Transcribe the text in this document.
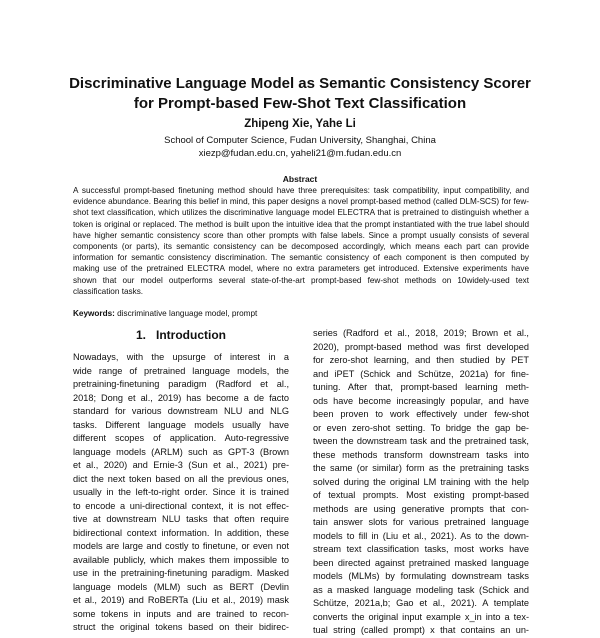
Discriminative Language Model as Semantic Consistency Scorer
for Prompt-based Few-Shot Text Classification
Zhipeng Xie, Yahe Li
School of Computer Science, Fudan University, Shanghai, China
xiezp@fudan.edu.cn, yaheli21@m.fudan.edu.cn
Abstract
A successful prompt-based finetuning method should have three prerequisites: task compatibility, input compatibility, and evidence abundance. Bearing this belief in mind, this paper designs a novel prompt-based method (called DLM-SCS) for few-shot text classification, which utilizes the discriminative language model ELECTRA that is pretrained to distinguish whether a token is original or replaced. The method is built upon the intuitive idea that the prompt instantiated with the true label should have higher semantic consistency score than other prompts with false labels. Since a prompt usually consists of several components (or parts), its semantic consistency can be decomposed accordingly, which means each part can provide information for semantic consistency discrimination. The semantic consistency of each component is then computed by making use of the pretrained ELECTRA model, where no extra parameters get introduced. Extensive experiments have shown that our model outperforms several state-of-the-art prompt-based few-shot methods on 10widely-used text classification tasks.
Keywords: discriminative language model, prompt
1. Introduction
Nowadays, with the upsurge of interest in a
wide range of pretrained language models, the
pretraining-finetuning paradigm (Radford et al.,
2018; Dong et al., 2019) has become a de facto
standard for various downstream NLU and NLG
tasks. Different language models usually have
different scopes of application. Auto-regressive
language models (ARLM) such as GPT-3 (Brown
et al., 2020) and Ernie-3 (Sun et al., 2021) pre-
dict the next token based on all the previous ones,
usually in the left-to-right order. Since it is trained
to encode a uni-directional context, it is not effec-
tive at downstream NLU tasks that often require
bidirectional context information. In addition, these
models are large and costly to finetune, or even not
available publicly, which makes them impossible to
use in the pretraining-finetuning paradigm. Masked
language models (MLM) such as BERT (Devlin
et al., 2019) and RoBERTa (Liu et al., 2019) mask
some tokens in inputs and are trained to recon-
struct the original tokens based on their bidirec-
series (Radford et al., 2018, 2019; Brown et al.,
2020), prompt-based method was first developed
for zero-shot learning, and then studied by PET
and iPET (Schick and Schütze, 2021a) for fine-
tuning. After that, prompt-based learning meth-
ods have become increasingly popular, and have
been proven to work effectively under few-shot
or even zero-shot setting. To bridge the gap be-
tween the downstream task and the pretrained task,
these methods transform downstream tasks into
the same (or similar) form as the pretraining tasks
solved during the original LM training with the help
of textual prompts. Most existing prompt-based
methods are using generative prompts that con-
tain answer slots for various pretrained language
models to fill in (Liu et al., 2021). As to the down-
stream text classification tasks, most works have
been directed against pretrained masked language
models (MLMs) by formulating downstream tasks
as a masked language modeling task (Schick and
Schütze, 2021a,b; Gao et al., 2021). A template
converts the original input example x_in into a tex-
tual string (called prompt) x that contains an un-
